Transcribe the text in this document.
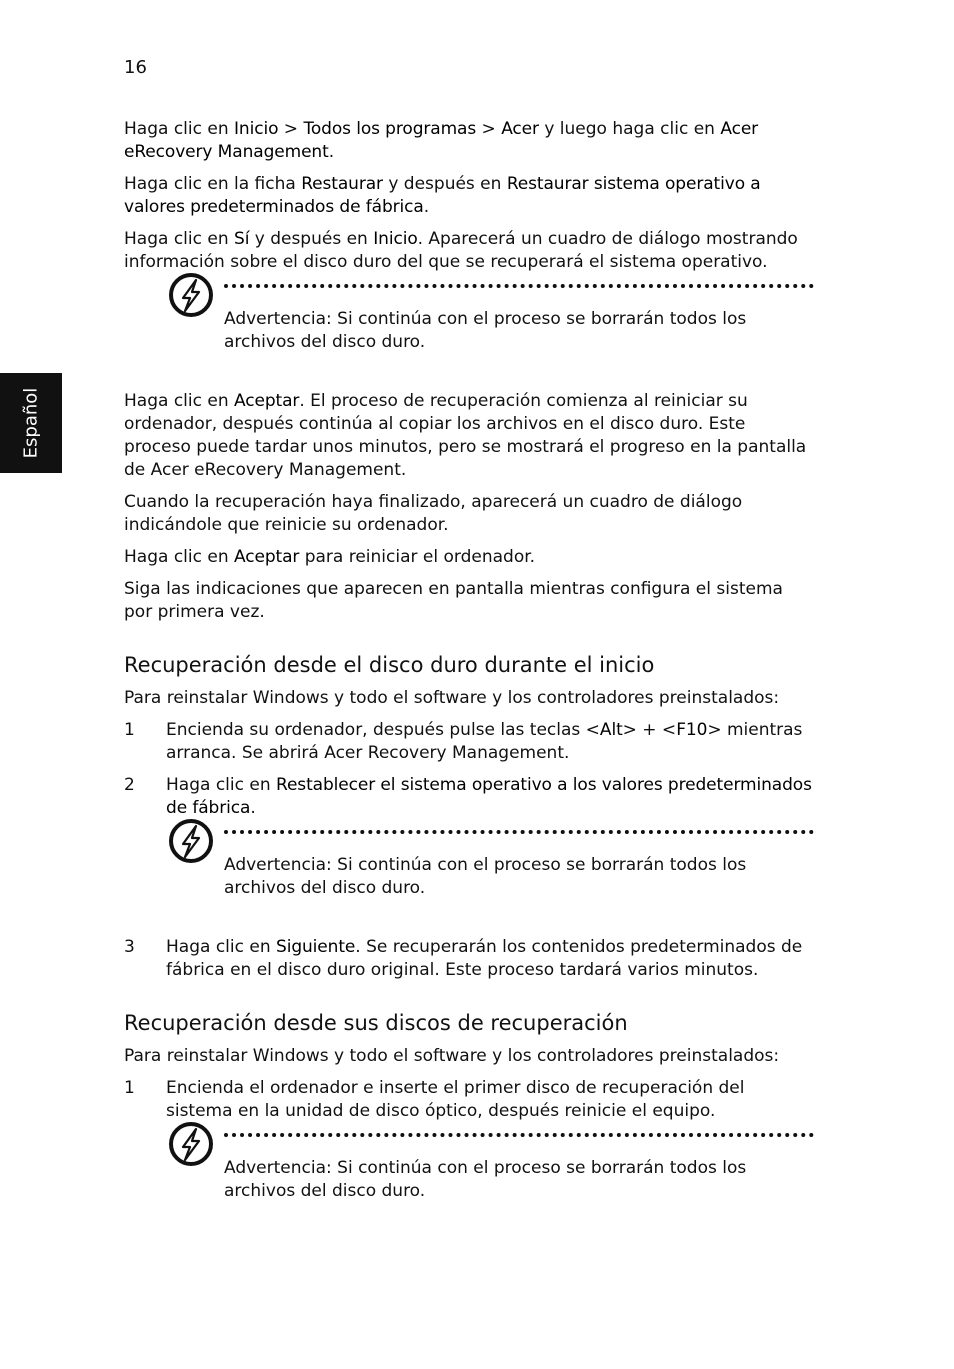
16
Español

Haga clic en Inicio > Todos los programas > Acer y luego haga clic en Acer eRecovery Management.

Haga clic en la ficha Restaurar y después en Restaurar sistema operativo a valores predeterminados de fábrica.

Haga clic en Sí y después en Inicio. Aparecerá un cuadro de diálogo mostrando información sobre el disco duro del que se recuperará el sistema operativo.

Advertencia: Si continúa con el proceso se borrarán todos los archivos del disco duro.

Haga clic en Aceptar. El proceso de recuperación comienza al reiniciar su ordenador, después continúa al copiar los archivos en el disco duro. Este proceso puede tardar unos minutos, pero se mostrará el progreso en la pantalla de Acer eRecovery Management.

Cuando la recuperación haya finalizado, aparecerá un cuadro de diálogo indicándole que reinicie su ordenador.

Haga clic en Aceptar para reiniciar el ordenador.

Siga las indicaciones que aparecen en pantalla mientras configura el sistema por primera vez.

Recuperación desde el disco duro durante el inicio

Para reinstalar Windows y todo el software y los controladores preinstalados:

1 Encienda su ordenador, después pulse las teclas <Alt> + <F10> mientras arranca. Se abrirá Acer Recovery Management.
2 Haga clic en Restablecer el sistema operativo a los valores predeterminados de fábrica.
Advertencia: Si continúa con el proceso se borrarán todos los archivos del disco duro.
3 Haga clic en Siguiente. Se recuperarán los contenidos predeterminados de fábrica en el disco duro original. Este proceso tardará varios minutos.
Recuperación desde sus discos de recuperación

Para reinstalar Windows y todo el software y los controladores preinstalados:

1 Encienda el ordenador e inserte el primer disco de recuperación del sistema en la unidad de disco óptico, después reinicie el equipo.
Advertencia: Si continúa con el proceso se borrarán todos los archivos del disco duro.
